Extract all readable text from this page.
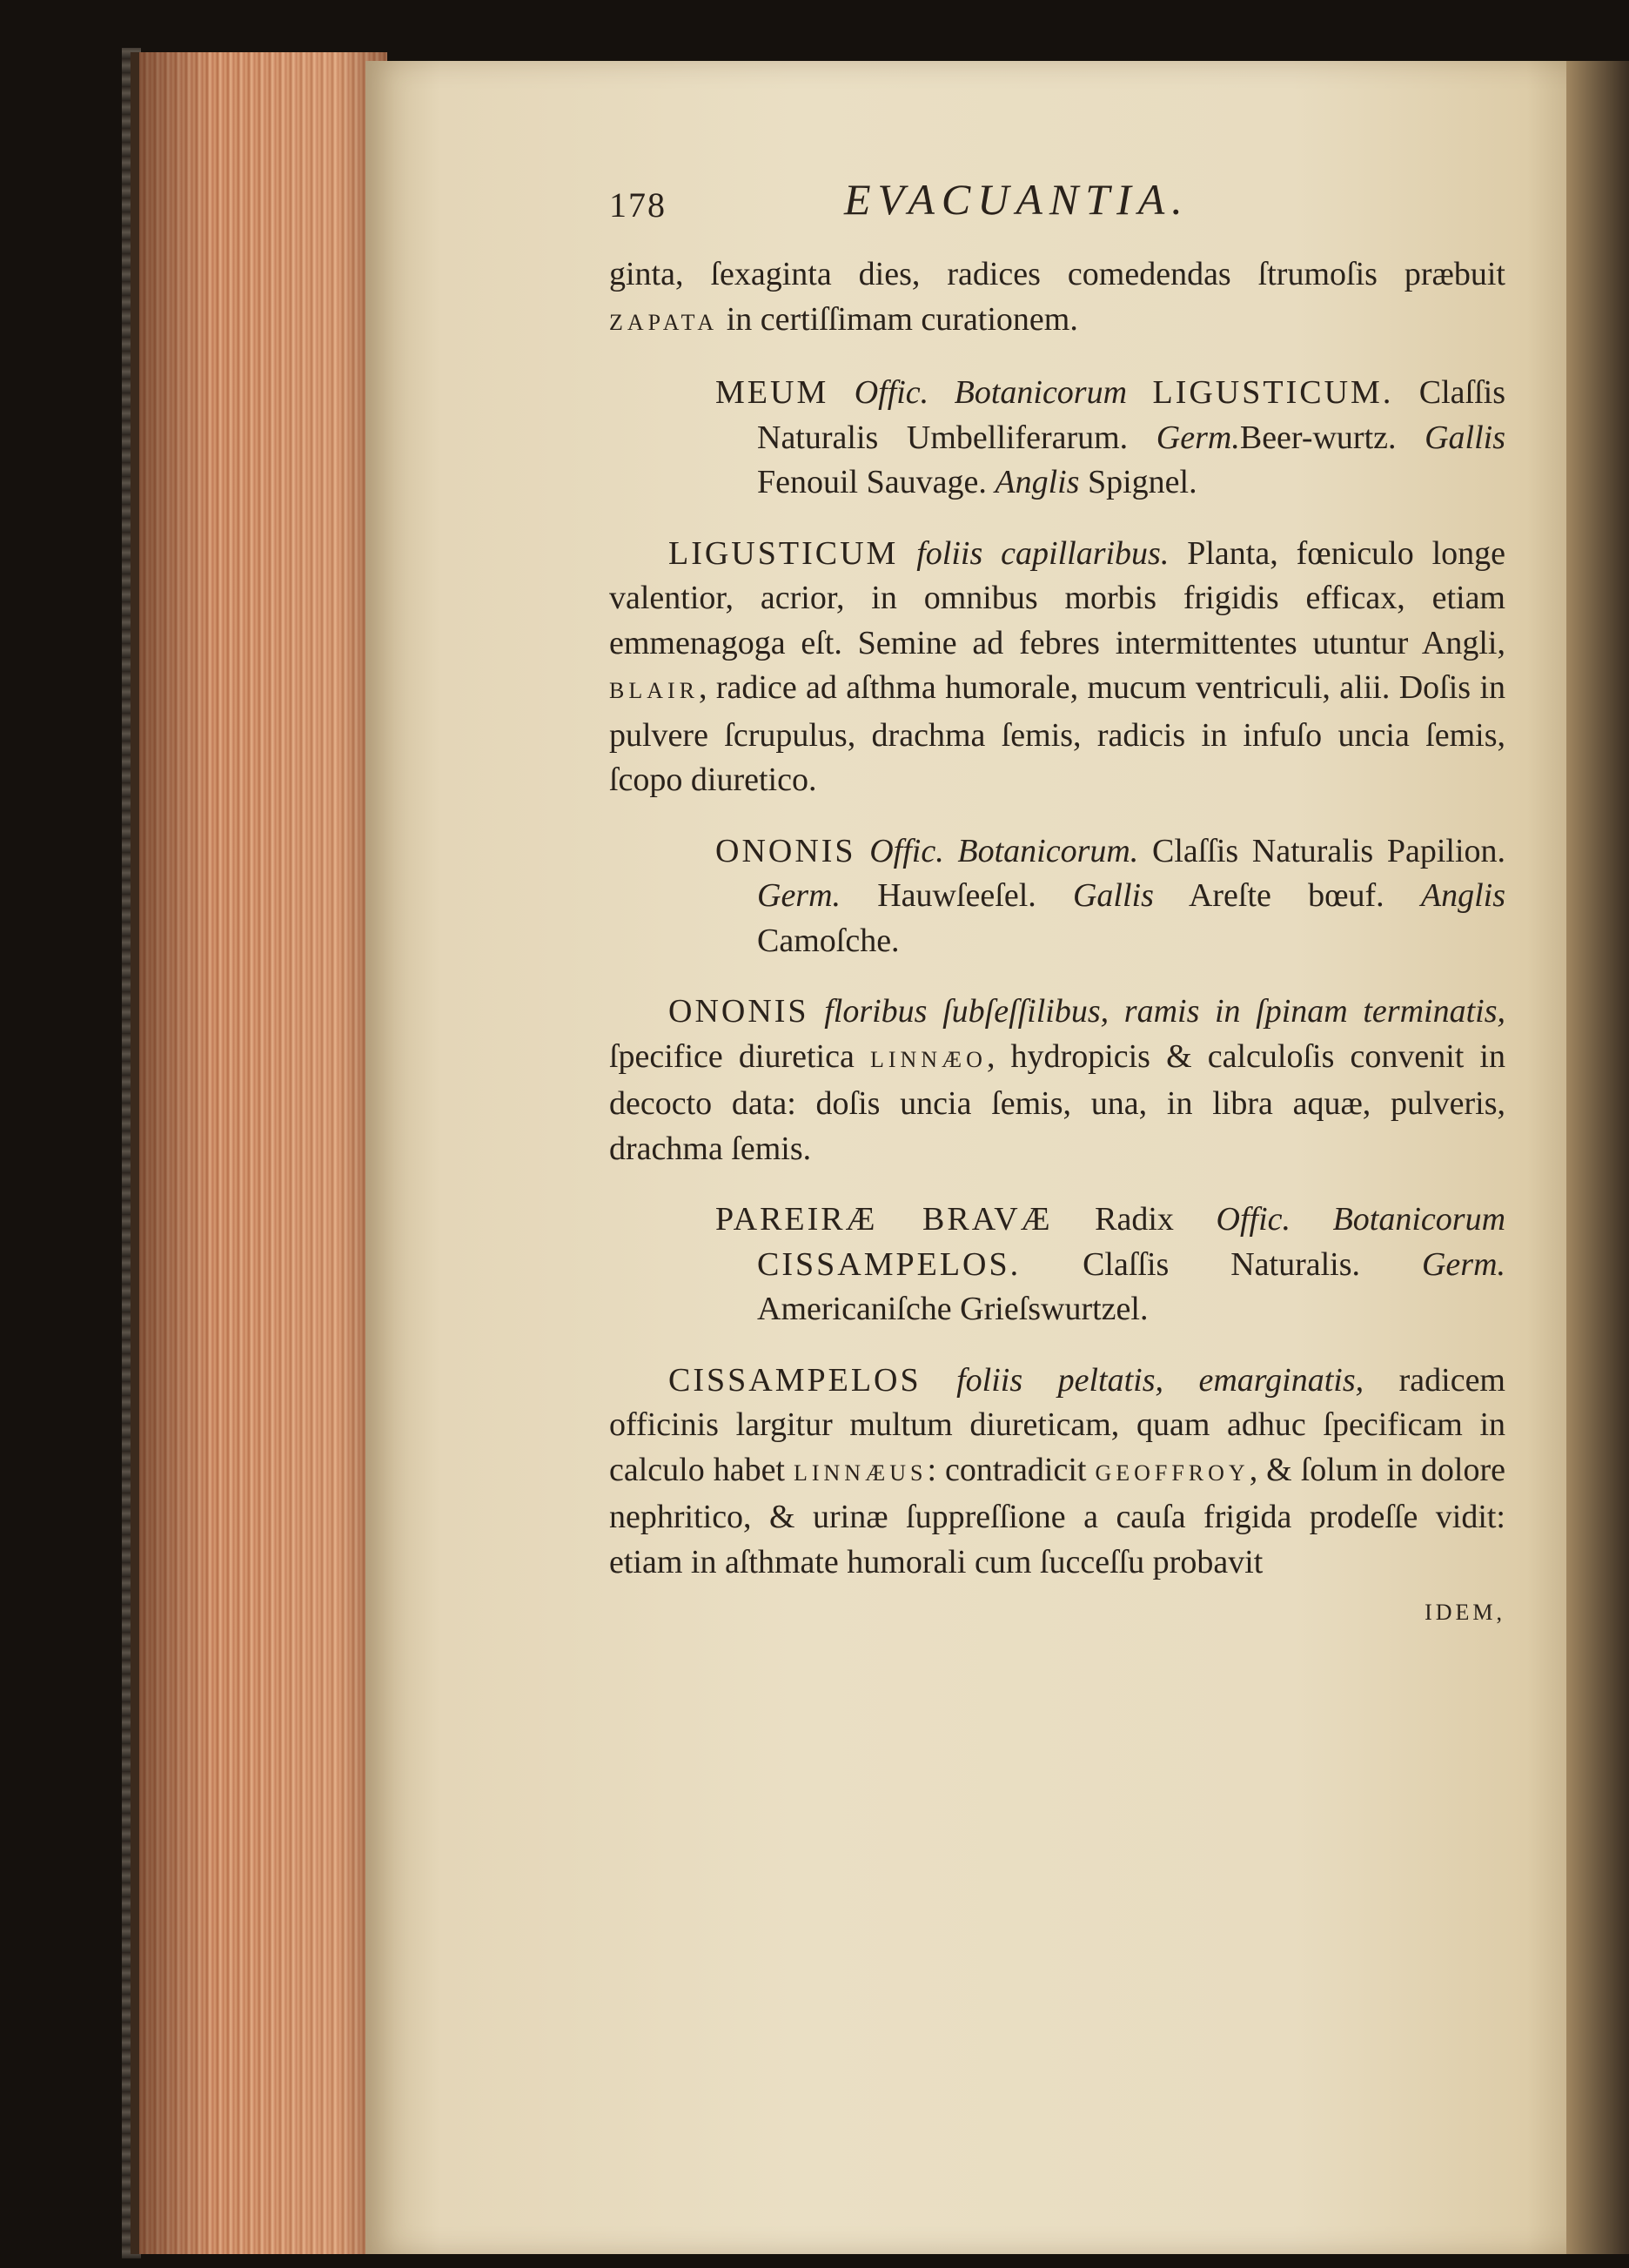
178	EVACUANTIA.

ginta, ſexaginta dies, radices comedendas ſtrumoſis præbuit ZAPATA in certiſſimam curationem.

MEUM Offic. Botanicorum LIGUSTICUM. Claſſis Naturalis Umbelliferarum. Germ.Beer-wurtz. Gallis Fenouil Sauvage. Anglis Spignel.

LIGUSTICUM foliis capillaribus. Planta, fœniculo longe valentior, acrior, in omnibus morbis frigidis efficax, etiam emmenagoga eſt. Semine ad febres intermittentes utuntur Angli, BLAIR, radice ad aſthma humorale, mucum ventriculi, alii. Doſis in pulvere ſcrupulus, drachma ſemis, radicis in infuſo uncia ſemis, ſcopo diuretico.

ONONIS Offic. Botanicorum. Claſſis Naturalis Papilion. Germ. Hauwſeeſel. Gallis Areſte bœuf. Anglis Camoſche.

ONONIS floribus ſubſeſſilibus, ramis in ſpinam terminatis, ſpecifice diuretica LINNÆO, hydropicis & calculoſis convenit in decocto data: doſis uncia ſemis, una, in libra aquæ, pulveris, drachma ſemis.

PAREIRÆ BRAVÆ Radix Offic. Botanicorum CISSAMPELOS. Claſſis Naturalis. Germ. Americaniſche Grieſswurtzel.

CISSAMPELOS foliis peltatis, emarginatis, radicem officinis largitur multum diureticam, quam adhuc ſpecificam in calculo habet LINNÆUS: contradicit GEOFFROY, & ſolum in dolore nephritico, & urinæ ſuppreſſione a cauſa frigida prodeſſe vidit: etiam in aſthmate humorali cum ſucceſſu probavit

IDEM,
